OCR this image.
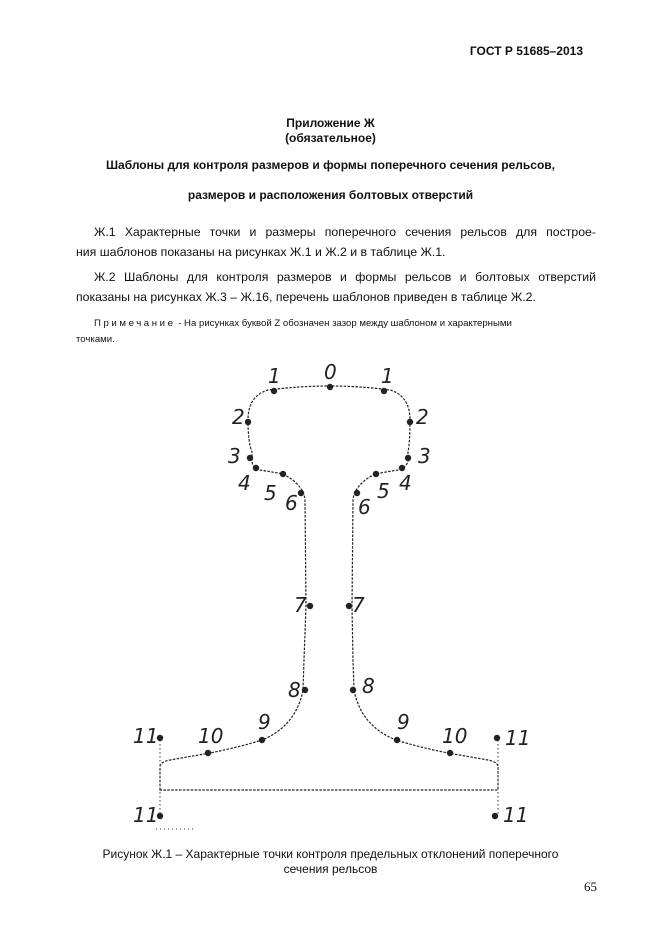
ГОСТ Р 51685–2013
Приложение Ж
(обязательное)
Шаблоны для контроля размеров и формы поперечного сечения рельсов,
размеров и расположения болтовых отверстий
Ж.1 Характерные точки и размеры поперечного сечения рельсов для построе-
ния шаблонов показаны на рисунках Ж.1 и Ж.2 и в таблице Ж.1.
Ж.2 Шаблоны для контроля размеров и формы рельсов и болтовых отверстий
показаны на рисунках Ж.3 – Ж.16, перечень шаблонов приведен в таблице Ж.2.
Примечание - На рисунках буквой Z обозначен зазор между шаблоном и характерными
точками.
0
1	1
2	2
3	3
4	4
5	5
6	6
7 7
8	8
9	9
10	10
11	11
11	11
Рисунок Ж.1 – Характерные точки контроля предельных отклонений поперечного
сечения рельсов
65
